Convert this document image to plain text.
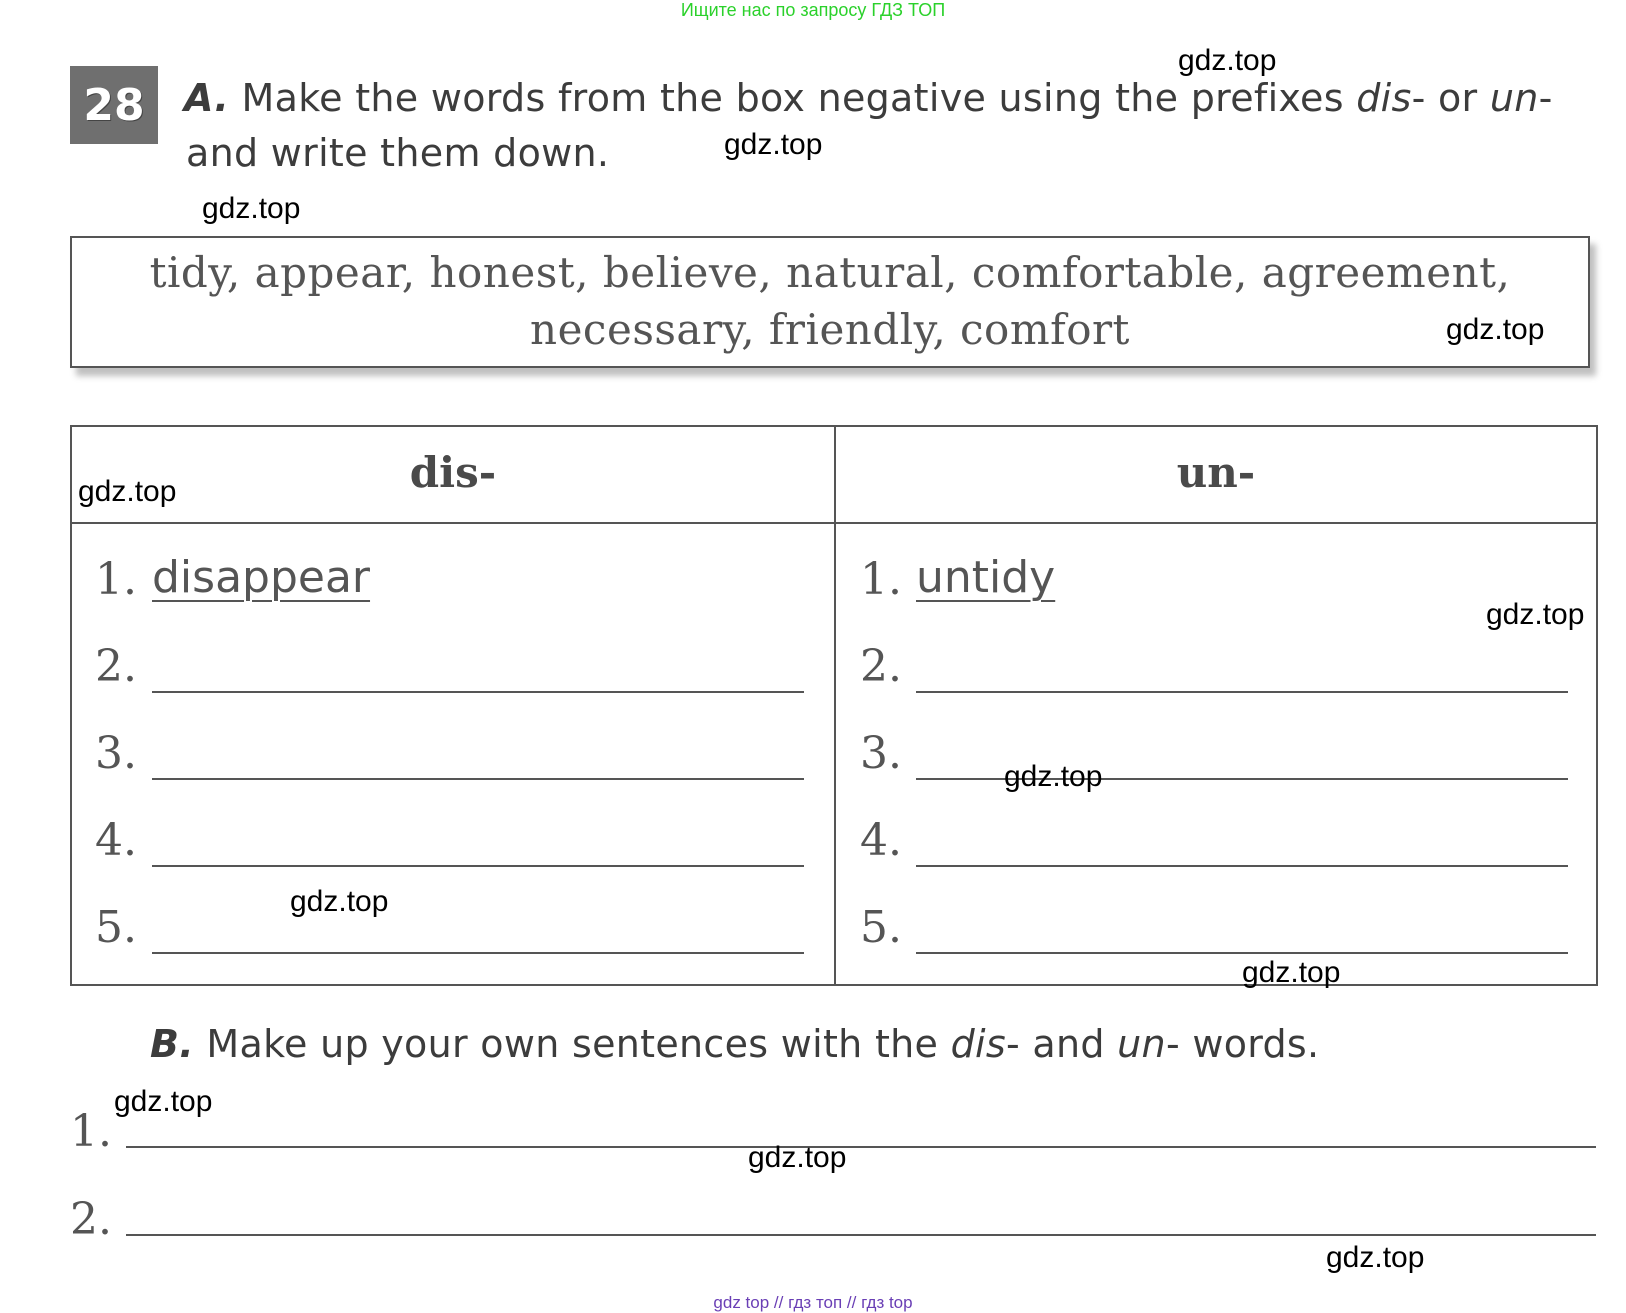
Ищите нас по запросу ГДЗ ТОП
28	A. Make the words from the box negative using the prefixes dis- or un-
and write them down.
tidy, appear, honest, believe, natural, comfortable, agreement,
necessary, friendly, comfort
dis-	un-
1. disappear
2.
3.
4.
5.
1. untidy
2.
3.
4.
5.
B. Make up your own sentences with the dis- and un- words.
1.
2.
gdz.top
gdz.top
gdz.top
gdz.top
gdz.top
gdz.top
gdz.top
gdz.top
gdz.top
gdz.top
gdz.top
gdz.top
gdz top // гдз топ // гдз top
